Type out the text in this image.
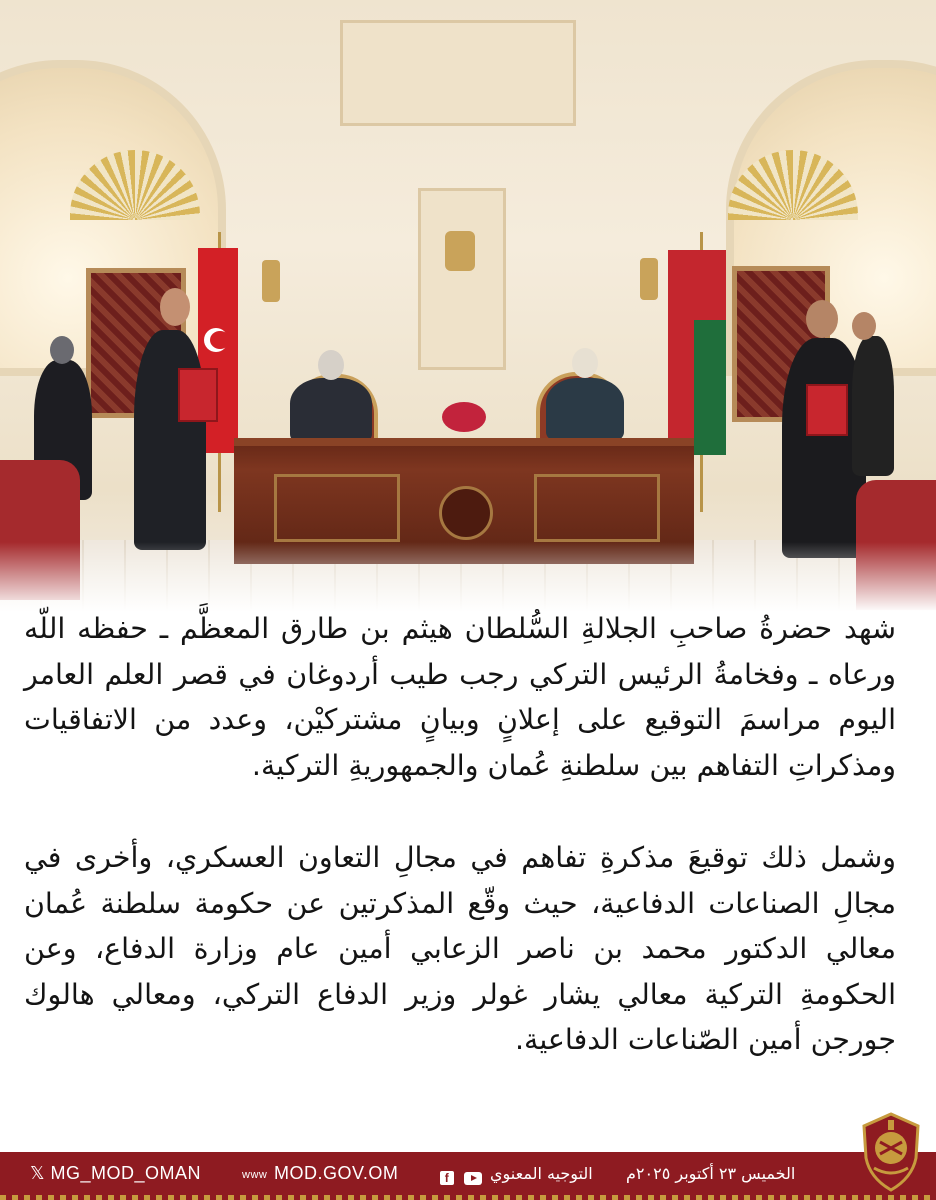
شهد حضرةُ صاحبِ الجلالةِ السُّلطان هيثم بن طارق المعظَّم ـ حفظه اللّه ورعاه ـ وفخامةُ الرئيس التركي رجب طيب أردوغان في قصر العلم العامر اليوم مراسمَ التوقيع على إعلانٍ وبيانٍ مشتركيْن، وعدد من الاتفاقيات ومذكراتِ التفاهم بين سلطنةِ عُمان والجمهوريةِ التركية.

وشمل ذلك توقيعَ مذكرةِ تفاهم في مجالِ التعاون العسكري، وأخرى في مجالِ الصناعات الدفاعية، حيث وقّع المذكرتين عن حكومة سلطنة عُمان معالي الدكتور محمد بن ناصر الزعابي أمين عام وزارة الدفاع، وعن الحكومةِ التركية معالي يشار غولر وزير الدفاع التركي، ومعالي هالوك جورجن أمين الصّناعات الدفاعية.

𝕏 MG_MOD_OMAN	www MOD.GOV.OM	f	التوجيه المعنوي الخميس ٢٣ أكتوبر ٢٠٢٥م
